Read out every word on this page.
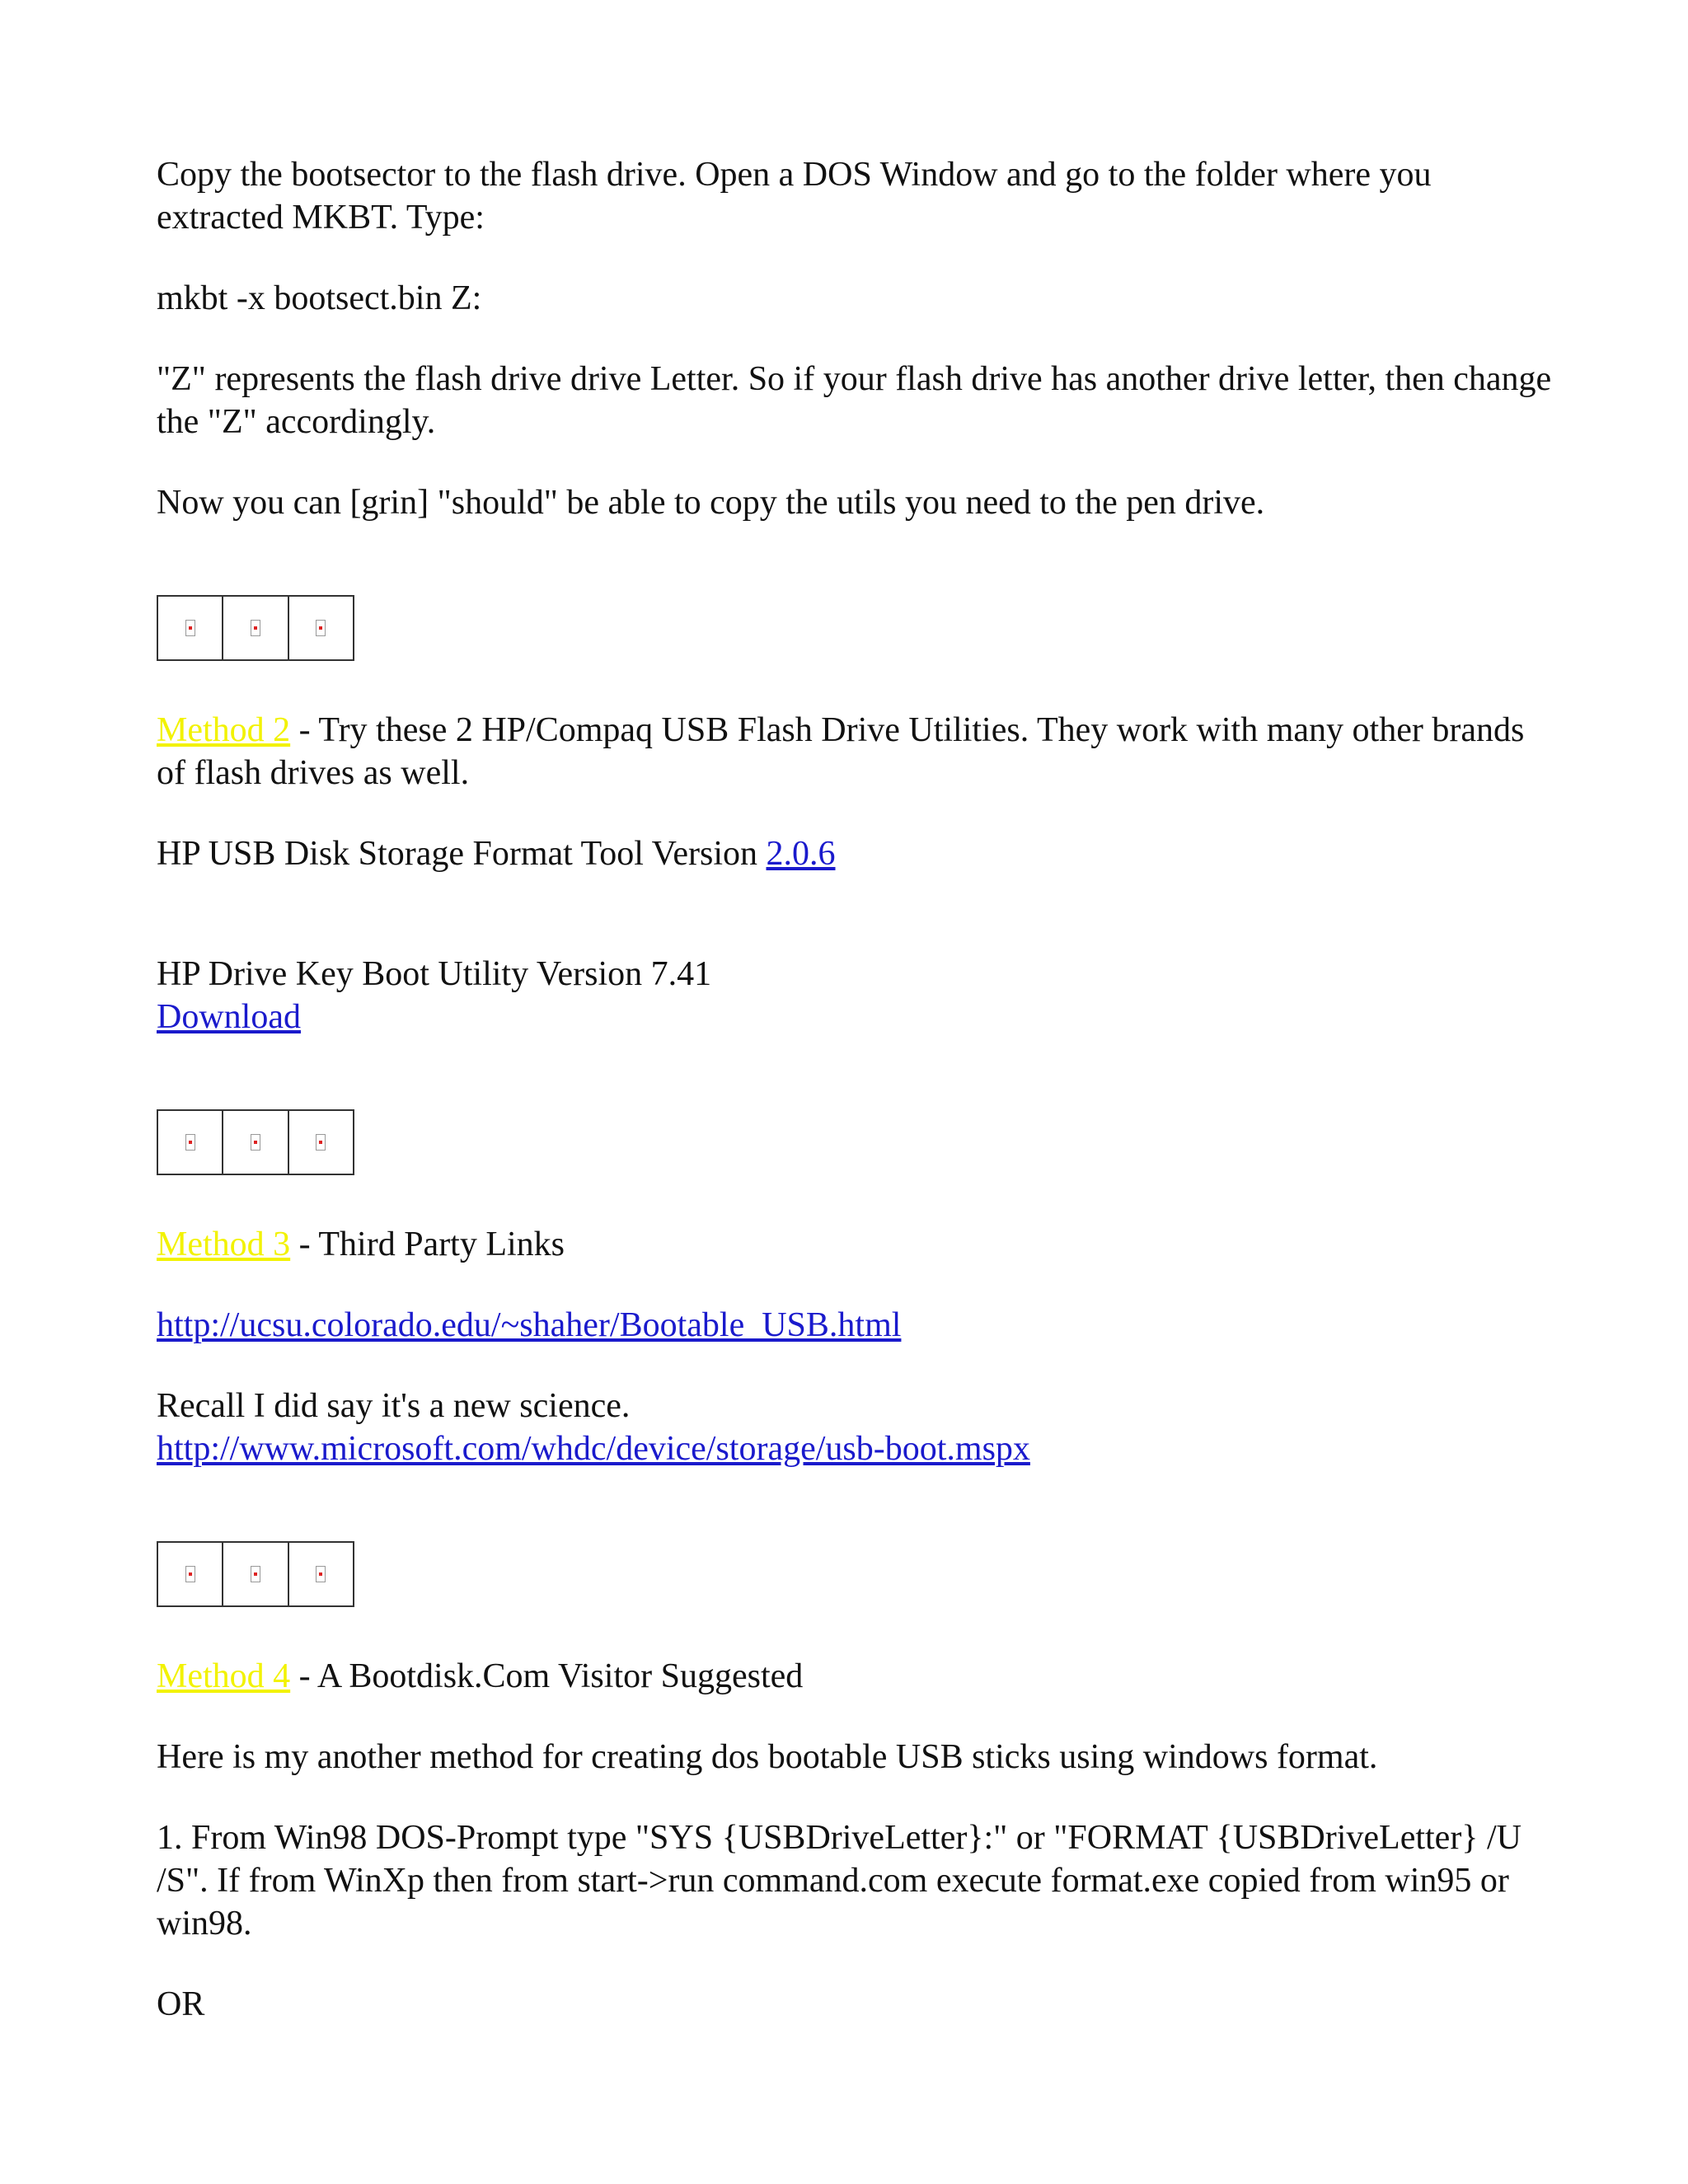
Copy the bootsector to the flash drive. Open a DOS Window and go to the folder where you extracted MKBT. Type:

mkbt -x bootsect.bin Z:

"Z" represents the flash drive drive Letter. So if your flash drive has another drive letter, then change the "Z" accordingly.

Now you can [grin] "should" be able to copy the utils you need to the pen drive.

Method 2 - Try these 2 HP/Compaq USB Flash Drive Utilities. They work with many other brands of flash drives as well.

HP USB Disk Storage Format Tool Version 2.0.6

HP Drive Key Boot Utility Version 7.41
Download

Method 3 - Third Party Links

http://ucsu.colorado.edu/~shaher/Bootable_USB.html

Recall I did say it's a new science.
http://www.microsoft.com/whdc/device/storage/usb-boot.mspx

Method 4 - A Bootdisk.Com Visitor Suggested

Here is my another method for creating dos bootable USB sticks using windows format.

1. From Win98 DOS-Prompt type "SYS {USBDriveLetter}:" or "FORMAT {USBDriveLetter} /U /S". If from WinXp then from start->run command.com execute format.exe copied from win95 or win98.

OR
